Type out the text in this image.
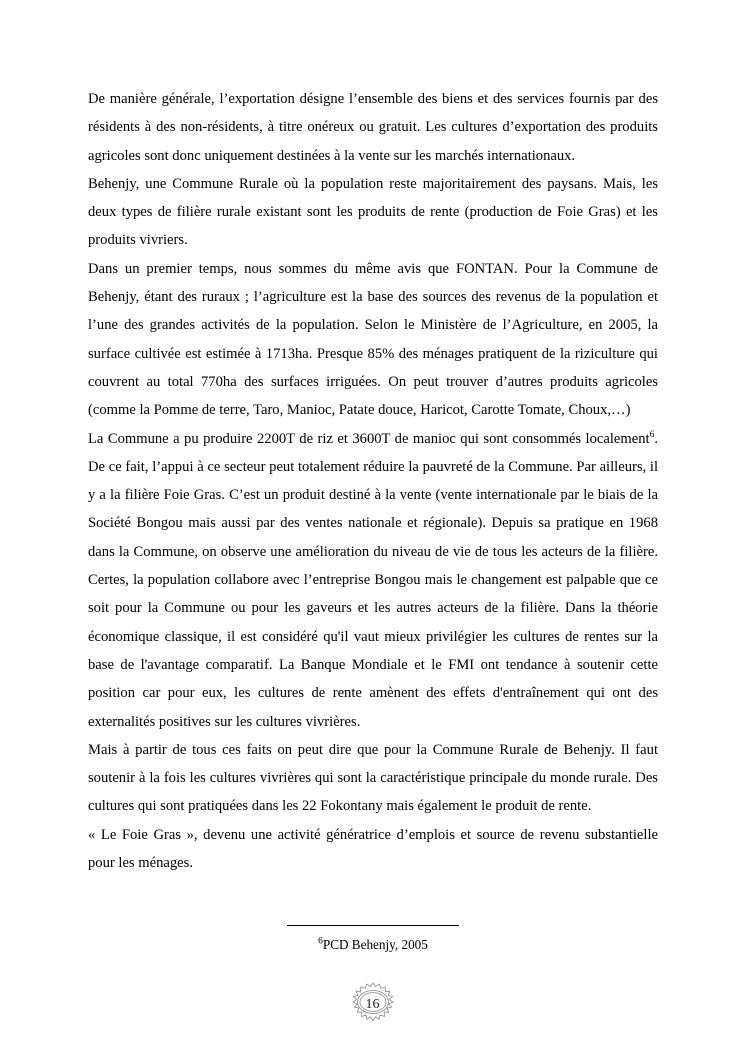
De manière générale, l’exportation désigne l’ensemble des biens et des services fournis par des résidents à des non-résidents, à titre onéreux ou gratuit. Les cultures d’exportation des produits agricoles sont donc uniquement destinées à la vente sur les marchés internationaux.

Behenjy, une Commune Rurale où la population reste majoritairement des paysans. Mais, les deux types de filière rurale existant sont les produits de rente (production de Foie Gras) et les produits vivriers.

Dans un premier temps, nous sommes du même avis que FONTAN. Pour la Commune de Behenjy, étant des ruraux ; l’agriculture est la base des sources des revenus de la population et l’une des grandes activités de la population. Selon le Ministère de l’Agriculture, en 2005, la surface cultivée est estimée à 1713ha. Presque 85% des ménages pratiquent de la riziculture qui couvrent au total 770ha des surfaces irriguées. On peut trouver d’autres produits agricoles (comme la Pomme de terre, Taro, Manioc, Patate douce, Haricot, Carotte Tomate, Choux,…)

La Commune a pu produire 2200T de riz et 3600T de manioc qui sont consommés localement$^6$. De ce fait, l’appui à ce secteur peut totalement réduire la pauvreté de la Commune. Par ailleurs, il y a la filière Foie Gras. C’est un produit destiné à la vente (vente internationale par le biais de la Société Bongou mais aussi par des ventes nationale et régionale). Depuis sa pratique en 1968 dans la Commune, on observe une amélioration du niveau de vie de tous les acteurs de la filière. Certes, la population collabore avec l’entreprise Bongou mais le changement est palpable que ce soit pour la Commune ou pour les gaveurs et les autres acteurs de la filière. Dans la théorie économique classique, il est considéré qu'il vaut mieux privilégier les cultures de rentes sur la base de l'avantage comparatif. La Banque Mondiale et le FMI ont tendance à soutenir cette position car pour eux, les cultures de rente amènent des effets d'entraînement qui ont des externalités positives sur les cultures vivrières.

Mais à partir de tous ces faits on peut dire que pour la Commune Rurale de Behenjy. Il faut soutenir à la fois les cultures vivrières qui sont la caractéristique principale du monde rurale. Des cultures qui sont pratiquées dans les 22 Fokontany mais également le produit de rente.

« Le Foie Gras », devenu une activité génératrice d’emplois et source de revenu substantielle pour les ménages.

$^6$PCD Behenjy, 2005
16
